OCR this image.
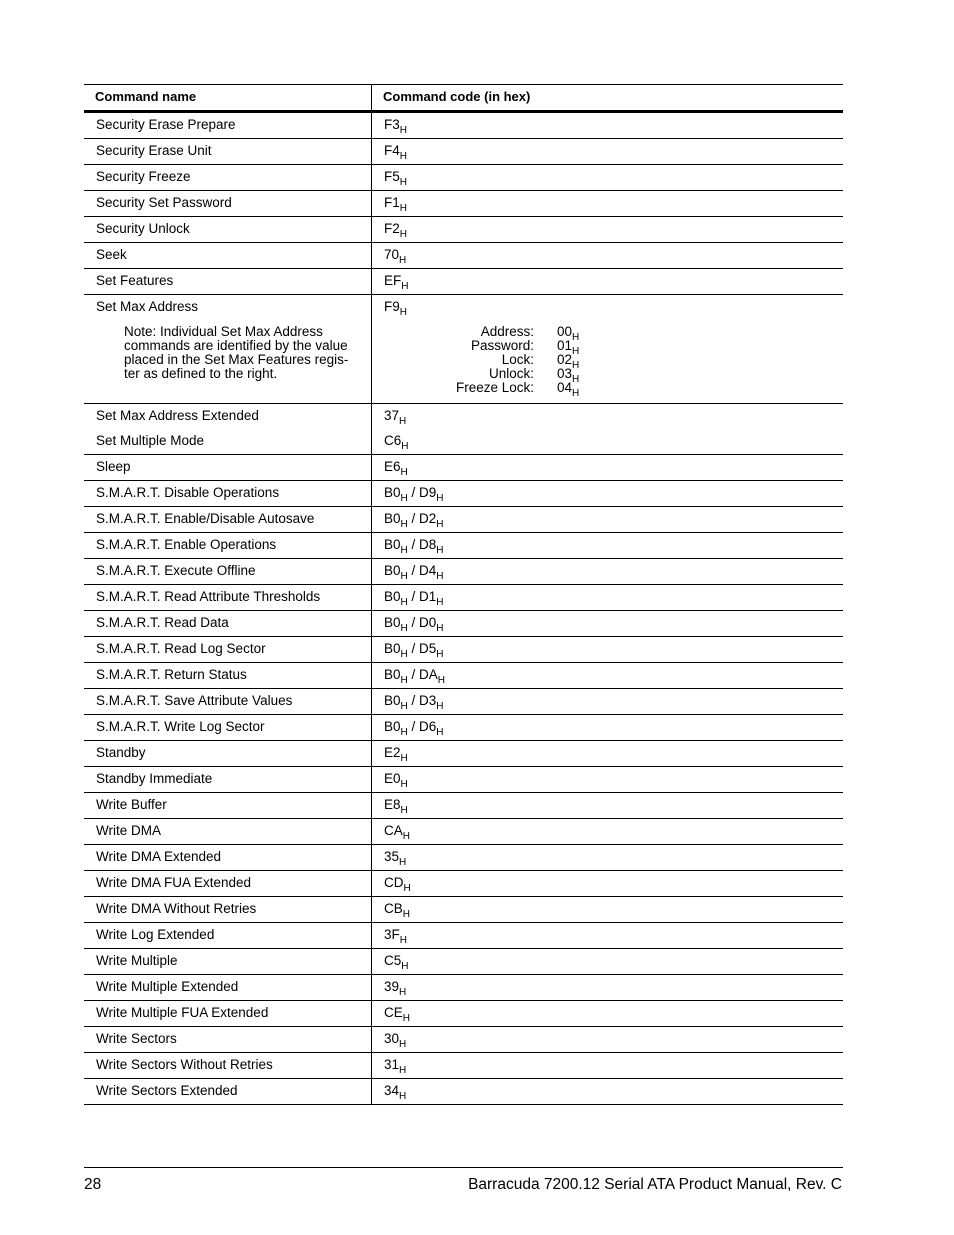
Command name	Command code (in hex)
Security Erase Prepare	$F3_H$
Security Erase Unit	$F4_H$
Security Freeze	$F5_H$
Security Set Password	$F1_H$
Security Unlock	$F2_H$
Seek	$70_H$
Set Features	$EF_H$
Set Max Address	$F9_H$
Note: Individual Set Max Address
commands are identified by the value
placed in the Set Max Features regis-
ter as defined to the right.
Address: $00_H$
Password: $01_H$
Lock: $02_H$
Unlock: $03_H$
Freeze Lock: $04_H$
Set Max Address Extended	$37_H$
Set Multiple Mode	$C6_H$
Sleep	$E6_H$
S.M.A.R.T. Disable Operations	$B0_H / D9_H$
S.M.A.R.T. Enable/Disable Autosave	$B0_H / D2_H$
S.M.A.R.T. Enable Operations	$B0_H / D8_H$
S.M.A.R.T. Execute Offline	$B0_H / D4_H$
S.M.A.R.T. Read Attribute Thresholds	$B0_H / D1_H$
S.M.A.R.T. Read Data	$B0_H / D0_H$
S.M.A.R.T. Read Log Sector	$B0_H / D5_H$
S.M.A.R.T. Return Status	$B0_H / DA_H$
S.M.A.R.T. Save Attribute Values	$B0_H / D3_H$
S.M.A.R.T. Write Log Sector	$B0_H / D6_H$
Standby	$E2_H$
Standby Immediate	$E0_H$
Write Buffer	$E8_H$
Write DMA	$CA_H$
Write DMA Extended	$35_H$
Write DMA FUA Extended	$CD_H$
Write DMA Without Retries	$CB_H$
Write Log Extended	$3F_H$
Write Multiple	$C5_H$
Write Multiple Extended	$39_H$
Write Multiple FUA Extended	$CE_H$
Write Sectors	$30_H$
Write Sectors Without Retries	$31_H$
Write Sectors Extended	$34_H$
28	Barracuda 7200.12 Serial ATA Product Manual, Rev. C
